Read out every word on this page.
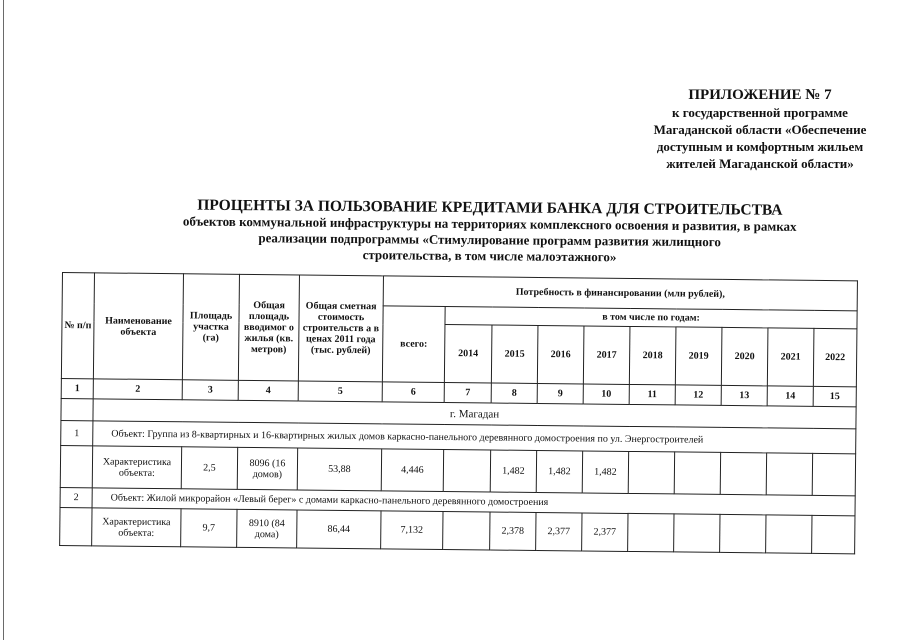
ПРИЛОЖЕНИЕ № 7
к государственной программе
Магаданской области «Обеспечение
доступным и комфортным жильем
жителей Магаданской области»
ПРОЦЕНТЫ ЗА ПОЛЬЗОВАНИЕ КРЕДИТАМИ БАНКА ДЛЯ СТРОИТЕЛЬСТВА
объектов коммунальной инфраструктуры на территориях комплексного освоения и развития, в рамках
реализации подпрограммы «Стимулирование программ развития жилищного
строительства, в том числе малоэтажного»
№ п/п	Наименование объекта	Площадь участка (га)	Общая площадь вводимог о жилья (кв. метров)	Общая сметная стоимость строительств а в ценах 2011 года (тыс. рублей)	Потребность в финансировании (млн рублей),									
					всего:	в том числе по годам:								
						2014	2015	2016	2017	2018	2019	2020	2021	2022
1	2	3	4	5	6	7	8	9	10	11	12	13	14	15
	г. Магадан													
1	Объект: Группа из 8-квартирных и 16-квартирных жилых домов каркасно-панельного деревянного домостроения по ул. Энергостроителей													
	Характеристика объекта:	2,5	8096 (16 домов)	53,88	4,446		1,482	1,482	1,482					
2	Объект: Жилой микрорайон «Левый берег» с домами каркасно-панельного деревянного домостроения													
	Характеристика объекта:	9,7	8910 (84 дома)	86,44	7,132		2,378	2,377	2,377					
